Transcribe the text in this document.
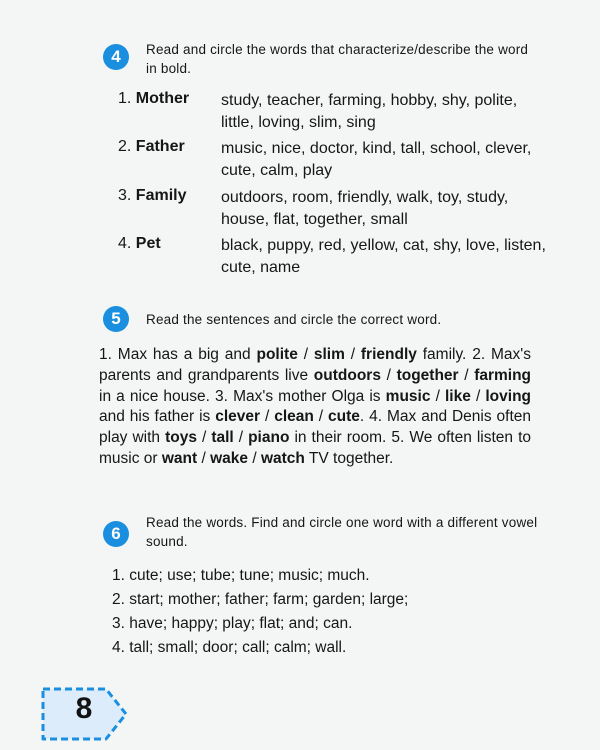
4	Read and circle the words that characterize/describe the word in bold.
1. Mother study, teacher, farming, hobby, shy, polite, little, loving, slim, sing
2. Father music, nice, doctor, kind, tall, school, clever, cute, calm, play
3. Family outdoors, room, friendly, walk, toy, study, house, flat, together, small
4. Pet	black, puppy, red, yellow, cat, shy, love, listen, cute, name
5	Read the sentences and circle the correct word.
1. Max has a big and polite / slim / friendly family. 2. Max's parents and grandparents live outdoors / together / farming in a nice house. 3. Max's mother Olga is music / like / loving and his father is clever / clean / cute. 4. Max and Denis often play with toys / tall / piano in their room. 5. We often listen to music or want / wake / watch TV together.
6
Read the words. Find and circle one word with a different vowel sound.
1. cute; use; tube; tune; music; much.
2. start; mother; father; farm; garden; large;
3. have; happy; play; flat; and; can.
4. tall; small; door; call; calm; wall.
8
